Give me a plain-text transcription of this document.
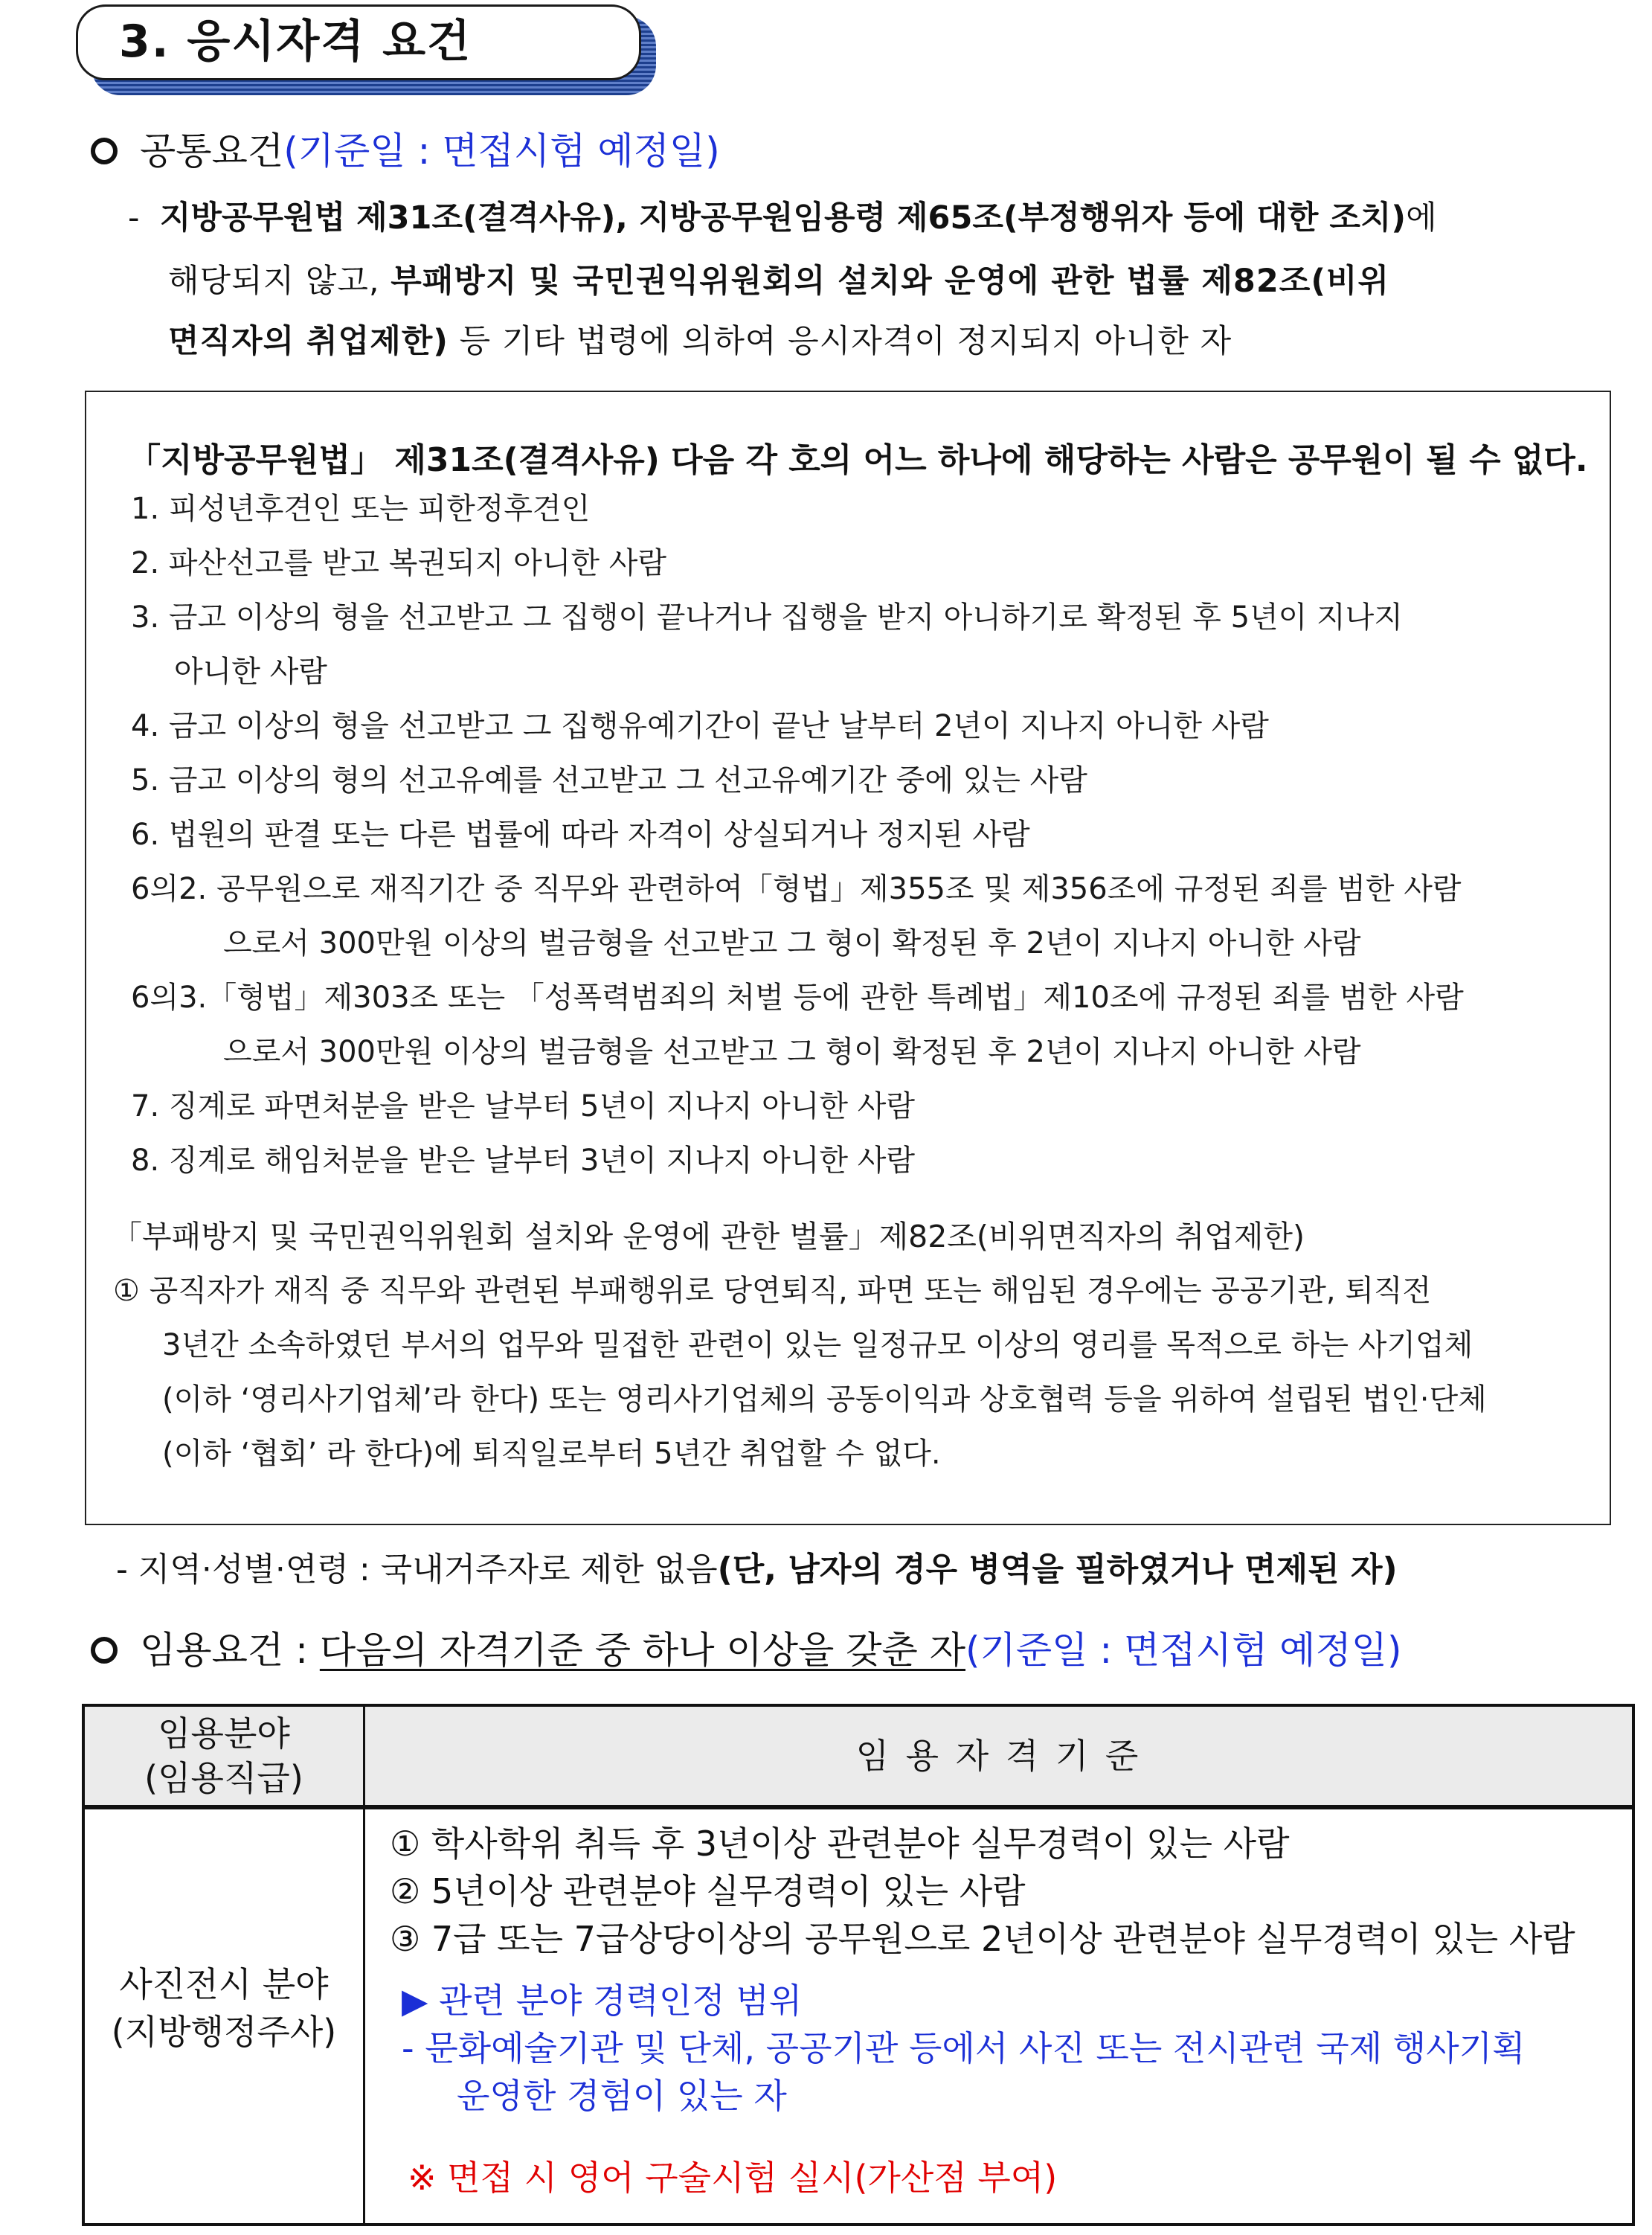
3. 응시자격 요건
공통요건(기준일 : 면접시험 예정일)
- 지방공무원법 제31조(결격사유), 지방공무원임용령 제65조(부정행위자 등에 대한 조치)에
해당되지 않고, 부패방지 및 국민권익위원회의 설치와 운영에 관한 법률 제82조(비위
면직자의 취업제한) 등 기타 법령에 의하여 응시자격이 정지되지 아니한 자
「지방공무원법」 제31조(결격사유) 다음 각 호의 어느 하나에 해당하는 사람은 공무원이 될 수 없다.
1. 피성년후견인 또는 피한정후견인
2. 파산선고를 받고 복권되지 아니한 사람
3. 금고 이상의 형을 선고받고 그 집행이 끝나거나 집행을 받지 아니하기로 확정된 후 5년이 지나지
아니한 사람
4. 금고 이상의 형을 선고받고 그 집행유예기간이 끝난 날부터 2년이 지나지 아니한 사람
5. 금고 이상의 형의 선고유예를 선고받고 그 선고유예기간 중에 있는 사람
6. 법원의 판결 또는 다른 법률에 따라 자격이 상실되거나 정지된 사람
6의2. 공무원으로 재직기간 중 직무와 관련하여「형법」제355조 및 제356조에 규정된 죄를 범한 사람
으로서 300만원 이상의 벌금형을 선고받고 그 형이 확정된 후 2년이 지나지 아니한 사람
6의3.「형법」제303조 또는 「성폭력범죄의 처벌 등에 관한 특례법」제10조에 규정된 죄를 범한 사람
으로서 300만원 이상의 벌금형을 선고받고 그 형이 확정된 후 2년이 지나지 아니한 사람
7. 징계로 파면처분을 받은 날부터 5년이 지나지 아니한 사람
8. 징계로 해임처분을 받은 날부터 3년이 지나지 아니한 사람
「부패방지 및 국민권익위원회 설치와 운영에 관한 벌률」제82조(비위면직자의 취업제한)
① 공직자가 재직 중 직무와 관련된 부패행위로 당연퇴직, 파면 또는 해임된 경우에는 공공기관, 퇴직전
3년간 소속하였던 부서의 업무와 밀접한 관련이 있는 일정규모 이상의 영리를 목적으로 하는 사기업체
(이하 ‘영리사기업체’라 한다) 또는 영리사기업체의 공동이익과 상호협력 등을 위하여 설립된 법인·단체
(이하 ‘협회’ 라 한다)에 퇴직일로부터 5년간 취업할 수 없다.
- 지역·성별·연령 : 국내거주자로 제한 없음(단, 남자의 경우 병역을 필하였거나 면제된 자)
임용요건 : 다음의 자격기준 중 하나 이상을 갖춘 자(기준일 : 면접시험 예정일)
임용분야
(임용직급)
임 용 자 격 기 준
사진전시 분야
(지방행정주사)
① 학사학위 취득 후 3년이상 관련분야 실무경력이 있는 사람
② 5년이상 관련분야 실무경력이 있는 사람
③ 7급 또는 7급상당이상의 공무원으로 2년이상 관련분야 실무경력이 있는 사람
▶ 관련 분야 경력인정 범위
- 문화예술기관 및 단체, 공공기관 등에서 사진 또는 전시관련 국제 행사기획
운영한 경험이 있는 자
※ 면접 시 영어 구술시험 실시(가산점 부여)
